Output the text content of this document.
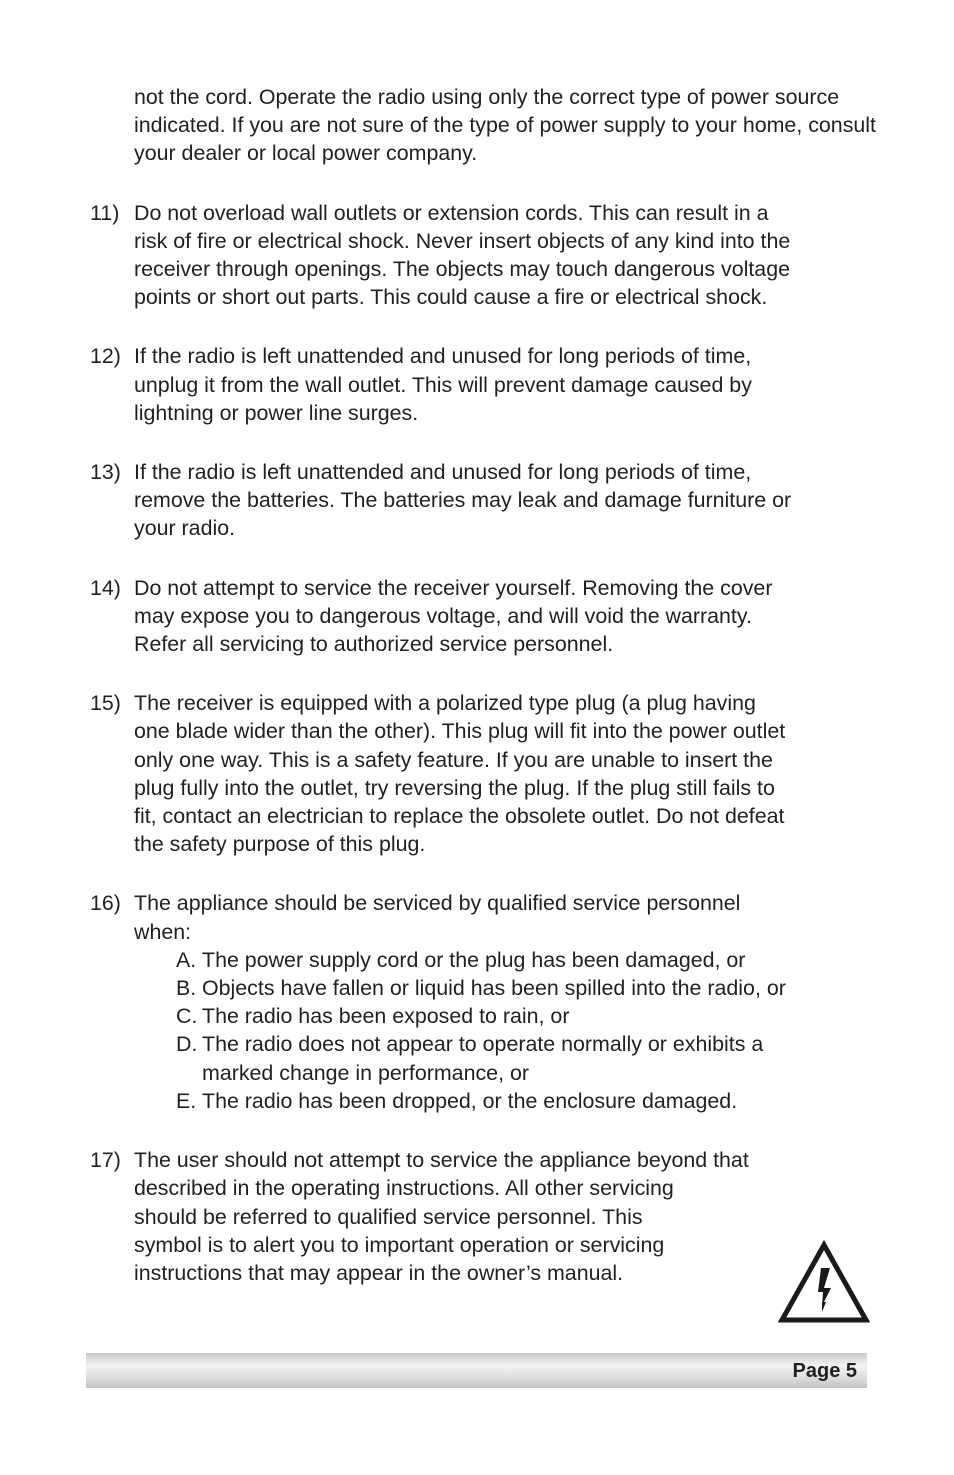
not the cord. Operate the radio using only the correct type of power source indicated. If you are not sure of the type of power supply to your home, consult your dealer or local power company.
11) Do not overload wall outlets or extension cords. This can result in a
risk of fire or electrical shock. Never insert objects of any kind into the
receiver through openings. The objects may touch dangerous voltage
points or short out parts. This could cause a fire or electrical shock.
12) If the radio is left unattended and unused for long periods of time,
unplug it from the wall outlet. This will prevent damage caused by
lightning or power line surges.
13) If the radio is left unattended and unused for long periods of time,
remove the batteries. The batteries may leak and damage furniture or
your radio.
14) Do not attempt to service the receiver yourself. Removing the cover
may expose you to dangerous voltage, and will void the warranty.
Refer all servicing to authorized service personnel.
15) The receiver is equipped with a polarized type plug (a plug having
one blade wider than the other). This plug will fit into the power outlet
only one way. This is a safety feature. If you are unable to insert the
plug fully into the outlet, try reversing the plug. If the plug still fails to
fit, contact an electrician to replace the obsolete outlet. Do not defeat
the safety purpose of this plug.
16) The appliance should be serviced by qualified service personnel
when:
A. The power supply cord or the plug has been damaged, or
B. Objects have fallen or liquid has been spilled into the radio, or
C. The radio has been exposed to rain, or
D. The radio does not appear to operate normally or exhibits a
marked change in performance, or
E. The radio has been dropped, or the enclosure damaged.
17) The user should not attempt to service the appliance beyond that
described in the operating instructions. All other servicing
should be referred to qualified service personnel. This
symbol is to alert you to important operation or servicing
instructions that may appear in the owner’s manual.
Page 5
